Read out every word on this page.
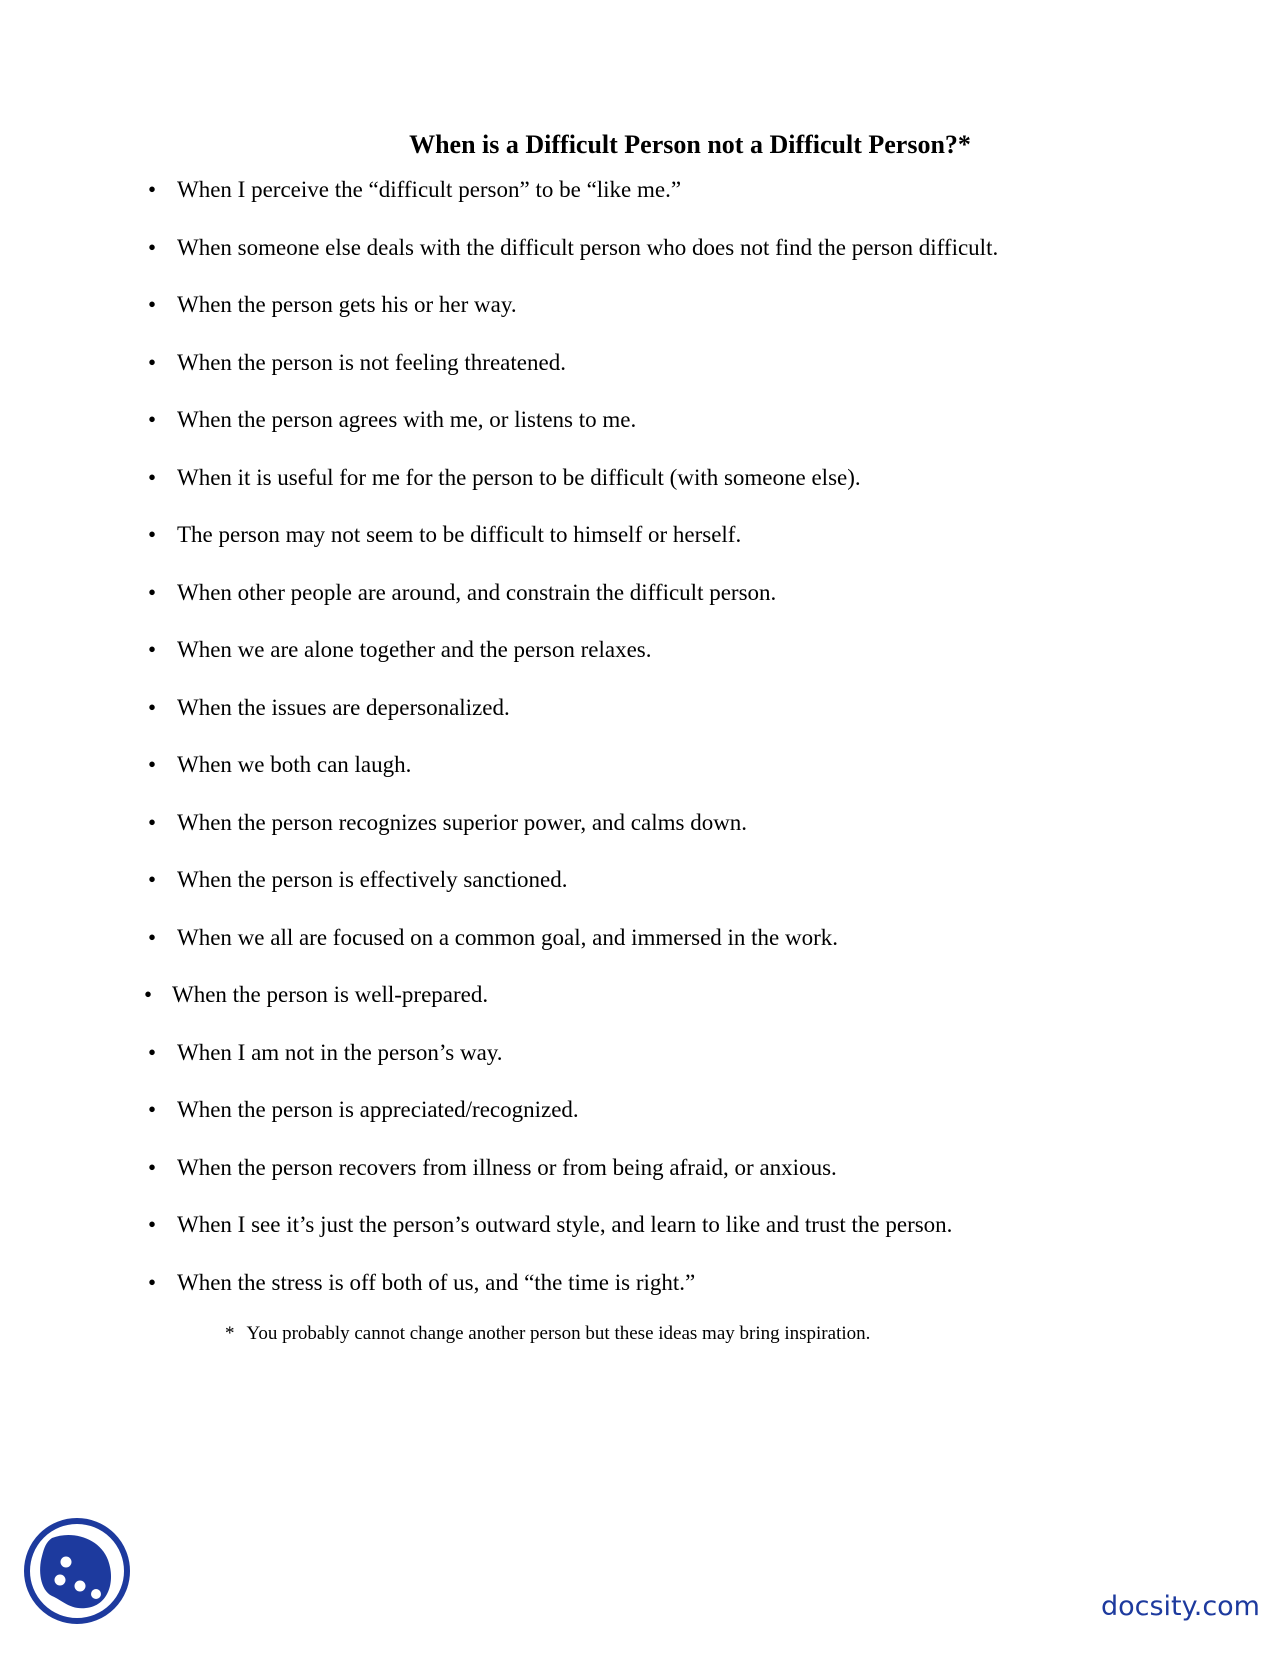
When is a Difficult Person not a Difficult Person?*
• When I perceive the “difficult person” to be “like me.”
• When someone else deals with the difficult person who does not find the person difficult.
• When the person gets his or her way.
• When the person is not feeling threatened.
• When the person agrees with me, or listens to me.
• When it is useful for me for the person to be difficult (with someone else).
• The person may not seem to be difficult to himself or herself.
• When other people are around, and constrain the difficult person.
• When we are alone together and the person relaxes.
• When the issues are depersonalized.
• When we both can laugh.
• When the person recognizes superior power, and calms down.
• When the person is effectively sanctioned.
• When we all are focused on a common goal, and immersed in the work.
• When the person is well-prepared.
• When I am not in the person’s way.
• When the person is appreciated/recognized.
• When the person recovers from illness or from being afraid, or anxious.
• When I see it’s just the person’s outward style, and learn to like and trust the person.
• When the stress is off both of us, and “the time is right.”
* You probably cannot change another person but these ideas may bring inspiration.
docsity.com
